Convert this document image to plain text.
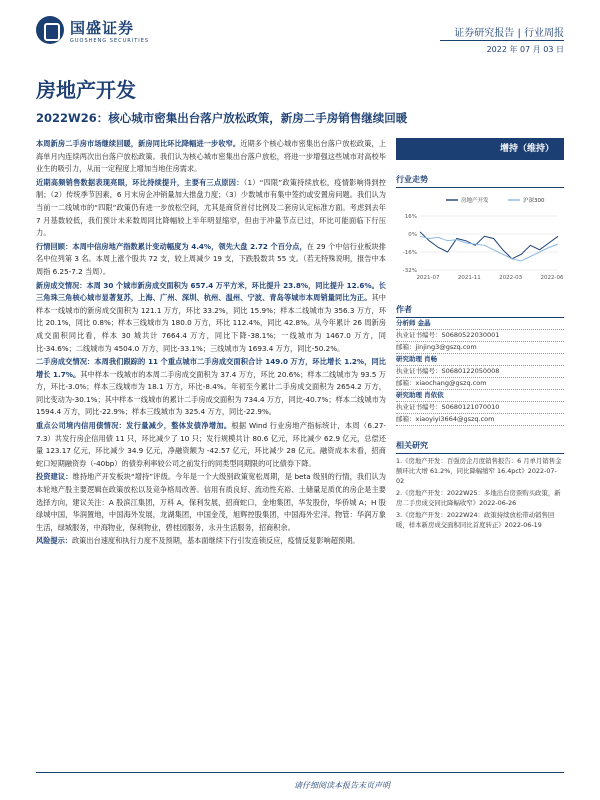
国盛证券
GUOSHENG SECURITIES
证券研究报告 | 行业周报
2022 年 07 月 03 日
房地产开发
2022W26：核心城市密集出台落户放松政策，新房二手房销售继续回暖

本周新房二手房市场继续回暖，新房同比环比降幅进一步收窄。近期多个核心城市密集出台落户放松政策，上海单月内连续两次出台落户放松政策。我们认为核心城市密集出台落户放松，将进一步增强这些城市对高校毕业生的吸引力，从而一定程度上增加当地住房需求。

近期高频销售数据表现亮眼，环比持续提升，主要有三点原因：（1）“四限”政策持续放松，疫情影响得到控制；（2）传统季节因素，6 月末房企冲销量加大推盘力度；（3）少数城市有集中签约或安置房问题。我们认为当前一二线城市的“四限”政策仍有进一步放松空间，尤其是商贷首付比例及二套房认定标准方面。考虑到去年 7 月基数较低，我们预计未来数周同比降幅较上半年明显缩窄，但由于冲量节点已过，环比可能面临下行压力。

行情回顾：本周中信房地产指数累计变动幅度为 4.4%，领先大盘 2.72 个百分点，在 29 个中信行业板块排名中位列第 3 名。本周上涨个股共 72 支，较上周减少 19 支，下跌股数共 55 支。（若无特殊说明，报告中本周指 6.25-7.2 当周）。

新房成交情况：本周 30 个城市新房成交面积为 657.4 万平方米，环比提升 23.8%，同比提升 12.6%。长三角珠三角核心城市显著复苏，上海、广州、深圳、杭州、温州、宁波、青岛等城市本周销量同比为正。其中样本一线城市的新房成交面积为 121.1 万方，环比 33.2%，同比 15.9%；样本二线城市为 356.3 万方，环比 20.1%，同比 0.8%；样本三线城市为 180.0 万方，环比 112.4%，同比 42.8%。从今年累计 26 周新房成交面积同比看，样本 30 城共计 7664.4 万方，同比下降-38.1%；一线城市为 1467.0 万方，同比-34.6%；二线城市为 4504.0 万方，同比-33.1%；三线城市为 1693.4 万方，同比-50.2%。

二手房成交情况：本周我们跟踪的 11 个重点城市二手房成交面积合计 149.0 万方，环比增长 1.2%，同比增长 1.7%。其中样本一线城市的本周二手房成交面积为 37.4 万方，环比 20.6%；样本二线城市为 93.5 万方，环比-3.0%；样本三线城市为 18.1 万方，环比-8.4%。年初至今累计二手房成交面积为 2654.2 万方，同比变动为-30.1%；其中样本一线城市的累计二手房成交面积为 734.4 万方，同比-40.7%；样本二线城市为 1594.4 万方，同比-22.9%；样本三线城市为 325.4 万方，同比-22.9%。

重点公司境内信用债情况：发行量减少，整体发债净增加。根据 Wind 行业房地产指标统计，本周（6.27-7.3）共发行房企信用债 11 只，环比减少了 10 只；发行规模共计 80.6 亿元，环比减少 62.9 亿元，总偿还量 123.17 亿元，环比减少 34.9 亿元，净融资额为 -42.57 亿元，环比减少 28 亿元。融资成本未看，招商蛇口短期融资券（-40bp）的债券利率较公司之前发行的同类型同期限的可比债券下降。

投资建议：维持地产开发板块“增持”评级。今年是一个大级别政策宽松周期，是 beta 级别的行情，我们认为本轮地产股主要逻辑在政策放松以及竞争格局改善。信用有质良好、流动性充裕、土储量足质优的房企是主要选择方向，建议关注：A 股滨江集团，万科 A，保利发展，招商蛇口，金地集团，华发股份，华侨城 A；H 股绿城中国，华润置地，中国海外发展，龙湖集团，中国金茂，旭辉控股集团，中国海外宏洋。物管：华润万象生活，绿城服务，中海物业，保利物业，碧桂园服务，永升生活服务，招商积余。

风险提示：政策出台速度和执行力度不及预期，基本面继续下行引发连锁反应，疫情反复影响超预期。

增持（维持）
行业走势
16%
0%
-16%
-32%
2021-07	2021-11	2022-03	2022-06
房地产开发	沪深300
作者
分析师 金晶
执业证书编号：S0680522030001
邮箱：jinjing3@gszq.com
研究助理 肖畅
执业证书编号：S0680122050008
邮箱：xiaochang@gszq.com
研究助理 肖依依
执业证书编号：S0680121070010
邮箱：xiaoyiyi3664@gszq.com
相关研究

1.《房地产开发：百强房企月度销售报告：6 月单月销售金额环比大增 61.2%，同比降幅缩窄 16.4pct》2022-07-02

2.《房地产开发：2022W25：多地出台房票购买政策，新房二手房成交同比降幅收窄》2022-06-26

3.《房地产开发：2022W24：政策持续放松带动销售回暖，样本新房成交面积同比首度转正》2022-06-19

请仔细阅读本报告末页声明
